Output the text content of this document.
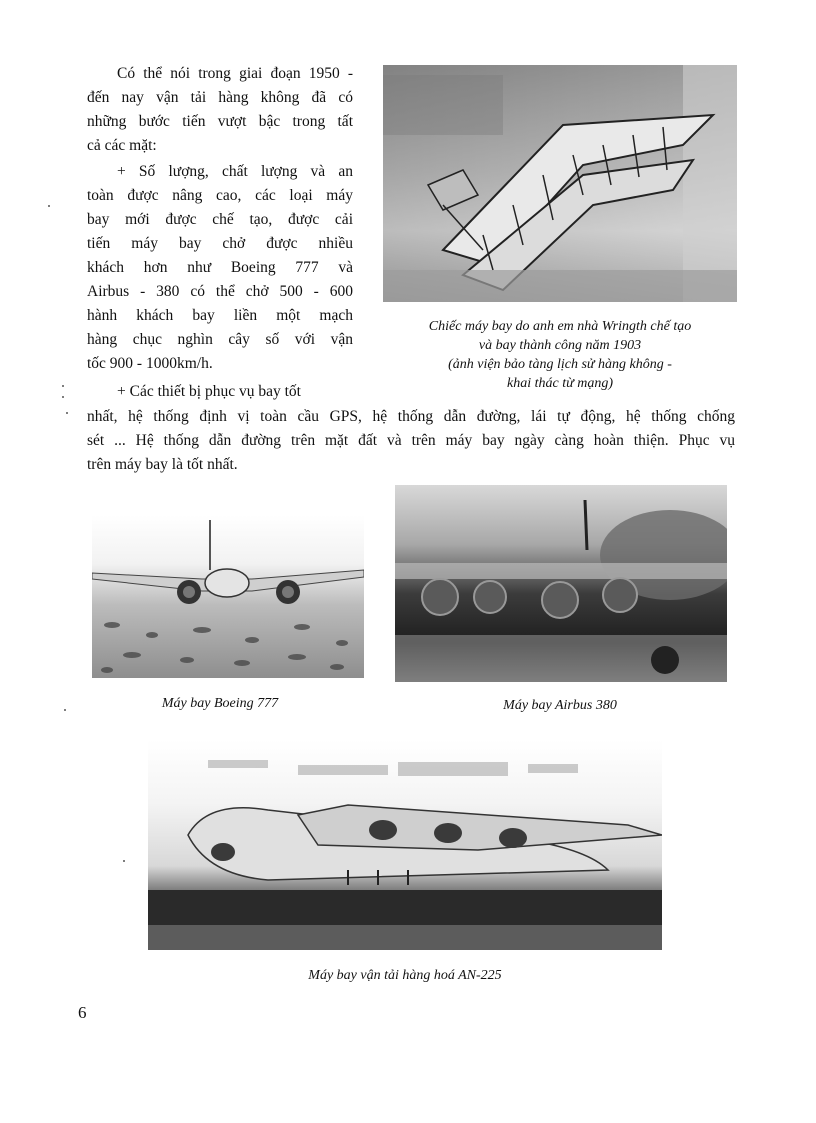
Có thể nói trong giai đoạn 1950 -
đến nay vận tải hàng không đã có
những bước tiến vượt bậc trong tất
cả các mặt:
+ Số lượng, chất lượng và an
toàn được nâng cao, các loại máy
bay mới được chế tạo, được cải
tiến máy bay chở được nhiều
khách hơn như Boeing 777 và
Airbus - 380 có thể chở 500 - 600
hành khách bay liền một mạch
hàng chục nghìn cây số với vận
tốc 900 - 1000km/h.
+ Các thiết bị phục vụ bay tốt
nhất, hệ thống định vị toàn cầu GPS, hệ thống dẫn đường, lái tự động, hệ thống chống
sét ... Hệ thống dẫn đường trên mặt đất và trên máy bay ngày càng hoàn thiện. Phục vụ
trên máy bay là tốt nhất.
Chiếc máy bay do anh em nhà Wringth chế tạo
và bay thành công năm 1903
(ảnh viện bảo tàng lịch sử hàng không -
khai thác từ mạng)
Máy bay Boeing 777	Máy bay Airbus 380
Máy bay vận tải hàng hoá AN-225
6
